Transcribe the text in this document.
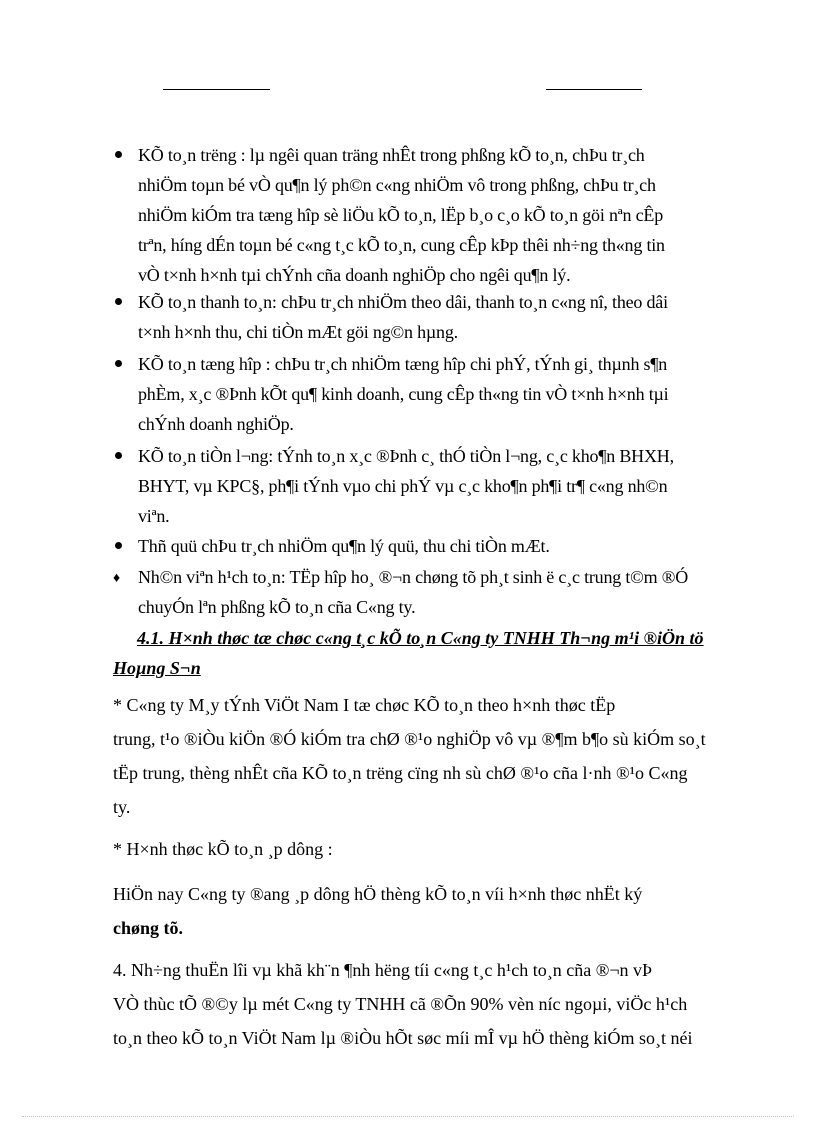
KÕ to¸n trëng : lµ ngêi quan träng nhÊt trong phßng kÕ to¸n, chÞu tr¸ch
nhiÖm toµn bé vÒ qu¶n lý ph©n c«ng nhiÖm vô trong phßng, chÞu tr¸ch
nhiÖm kiÓm tra tæng hîp sè liÖu kÕ to¸n, lËp b¸o c¸o kÕ to¸n göi nªn cÊp
trªn, híng dÉn toµn bé c«ng t¸c kÕ to¸n, cung cÊp kÞp thêi nh÷ng th«ng tin
vÒ t×nh h×nh tµi chÝnh cña doanh nghiÖp cho ngêi qu¶n lý.
KÕ to¸n thanh to¸n: chÞu tr¸ch nhiÖm theo dâi, thanh to¸n c«ng nî, theo dâi
t×nh h×nh thu, chi tiÒn mÆt göi ng©n hµng.
KÕ to¸n tæng hîp : chÞu tr¸ch nhiÖm tæng hîp chi phÝ, tÝnh gi¸ thµnh s¶n
phÈm, x¸c ®Þnh kÕt qu¶ kinh doanh, cung cÊp th«ng tin vÒ t×nh h×nh tµi
chÝnh doanh nghiÖp.
KÕ to¸n tiÒn l¬ng: tÝnh to¸n x¸c ®Þnh c¸ thÓ tiÒn l¬ng, c¸c kho¶n BHXH,
BHYT, vµ KPC§, ph¶i tÝnh vµo chi phÝ vµ c¸c kho¶n ph¶i tr¶ c«ng nh©n
viªn.
Thñ quü chÞu tr¸ch nhiÖm qu¶n lý quü, thu chi tiÒn mÆt.
♦ Nh©n viªn h¹ch to¸n: TËp hîp ho¸ ®¬n chøng tõ ph¸t sinh ë c¸c trung t©m ®Ó
chuyÓn lªn phßng kÕ to¸n cña C«ng ty.
4.1. H×nh thøc tæ chøc c«ng t¸c kÕ to¸n C«ng ty TNHH Th¬ng m¹i ®iÖn tö
Hoµng S¬n
* C«ng ty M¸y tÝnh ViÖt Nam I tæ chøc KÕ to¸n theo h×nh thøc tËp
trung, t¹o ®iÒu kiÖn ®Ó kiÓm tra chØ ®¹o nghiÖp vô vµ ®¶m b¶o sù kiÓm so¸t
tËp trung, thèng nhÊt cña KÕ to¸n trëng cïng nh sù chØ ®¹o cña l·nh ®¹o C«ng
ty.
* H×nh thøc kÕ to¸n ¸p dông :
HiÖn nay C«ng ty ®ang ¸p dông hÖ thèng kÕ to¸n víi h×nh thøc nhËt ký
chøng tõ.
4. Nh÷ng thuËn lîi vµ khã kh¨n ¶nh hëng tíi c«ng t¸c h¹ch to¸n cña ®¬n vÞ
VÒ thùc tÕ ®©y lµ mét C«ng ty TNHH cã ®Õn 90% vèn níc ngoµi, viÖc h¹ch
to¸n theo kÕ to¸n ViÖt Nam lµ ®iÒu hÕt søc míi mÎ vµ hÖ thèng kiÓm so¸t néi
